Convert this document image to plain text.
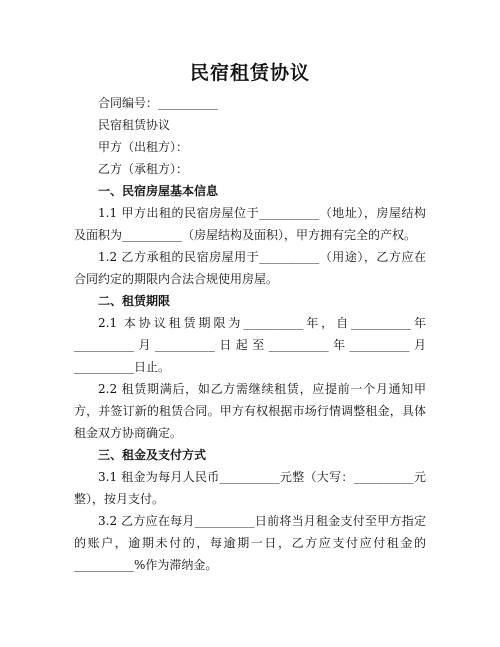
民宿租赁协议

合同编号：__________

民宿租赁协议

甲方（出租方）：

乙方（承租方）：

一、民宿房屋基本信息

1.1 甲方出租的民宿房屋位于__________（地址），房屋结构及面积为__________（房屋结构及面积），甲方拥有完全的产权。

1.2 乙方承租的民宿房屋用于__________（用途），乙方应在合同约定的期限内合法合规使用房屋。

二、租赁期限

2.1 本协议租赁期限为__________年，自__________年__________月__________日起至__________年__________月__________日止。

2.2 租赁期满后，如乙方需继续租赁，应提前一个月通知甲方，并签订新的租赁合同。甲方有权根据市场行情调整租金，具体租金双方协商确定。

三、租金及支付方式

3.1 租金为每月人民币__________元整（大写：__________元整），按月支付。

3.2 乙方应在每月__________日前将当月租金支付至甲方指定的账户，逾期未付的，每逾期一日，乙方应支付应付租金的__________%作为滞纳金。
